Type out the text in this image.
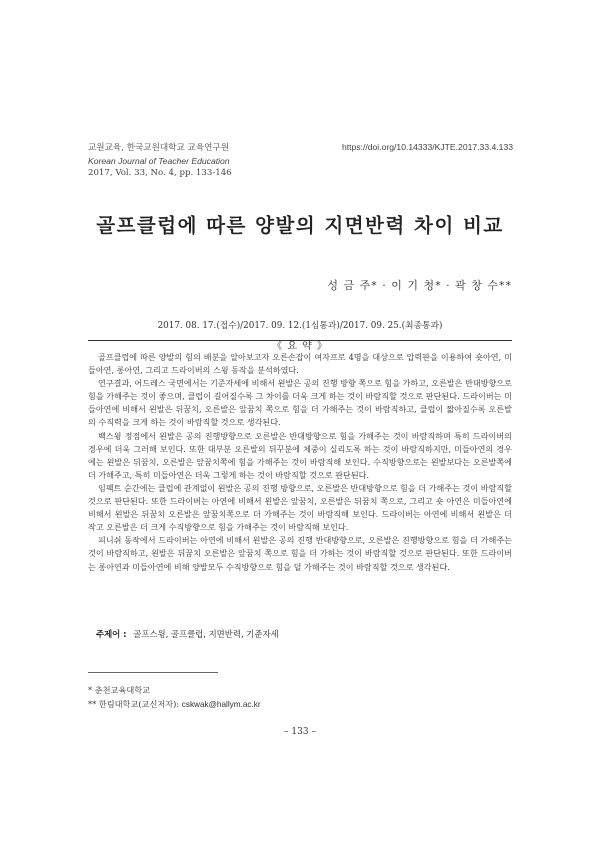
교원교육, 한국교원대학교 교육연구원
Korean Journal of Teacher Education
2017, Vol. 33, No. 4, pp. 133-146
https://doi.org/10.14333/KJTE.2017.33.4.133
골프클럽에 따른 양발의 지면반력 차이 비교
성 금 주* · 이 기 청* · 곽 창 수**
2017. 08. 17.(접수)/2017. 09. 12.(1심통과)/2017. 09. 25.(최종통과)
《 요 약 》

골프클럽에 따른 양발의 힘의 배분을 알아보고자 오른손잡이 여자프로 4명을 대상으로 압력판을 이용하여 숏아연, 미들아연, 롱아연, 그리고 드라이버의 스윙 동작을 분석하였다.

연구결과, 어드레스 국면에서는 기준자세에 비해서 왼발은 공의 진행 방향 쪽으로 힘을 가하고, 오른발은 반대방향으로 힘을 가해주는 것이 좋으며, 클럽이 길어질수록 그 차이를 더욱 크게 하는 것이 바람직할 것으로 판단된다. 드라이버는 미들아연에 비해서 왼발은 뒤꿈치, 오른발은 앞꿈치 쪽으로 힘을 더 가해주는 것이 바람직하고, 클럽이 짧아질수록 오른발의 수직력을 크게 하는 것이 바람직할 것으로 생각된다.

백스윙 정점에서 왼발은 공의 진행방향으로 오른발은 반대방향으로 힘을 가해주는 것이 바람직하며 특히 드라이버의 경우에 더욱 그러해 보인다. 또한 대부분 오른발의 뒤꾸분에 체중이 실리도록 하는 것이 바람직하지만, 미들아연의 경우에는 왼발은 뒤꿈치, 오른발은 앞꿈치쪽에 힘을 가해주는 것이 바람직해 보인다. 수직방향으로는 왼발보다는 오른발쪽에 더 가해주고, 특히 미들아연은 더욱 그렇게 하는 것이 바람직할 것으로 판단된다.

임팩트 순간에는 클럽에 관계없이 왼발은 공의 진행 방향으로, 오른발은 반대방향으로 힘을 더 가해주는 것이 바람직할 것으로 판단된다. 또한 드라이버는 아연에 비해서 왼발은 앞꿈치, 오른발은 뒤꿈치 쪽으로, 그리고 숏 아연은 미들아연에 비해서 왼발은 뒤꿈치 오른발은 앞꿈치쪽으로 더 가해주는 것이 바람직해 보인다. 드라이버는 아연에 비해서 왼발은 더 작고 오른발은 더 크게 수직방향으로 힘을 가해주는 것이 바람직해 보인다.

피니쉬 동작에서 드라이버는 아연에 비해서 왼발은 공의 진행 반대방향으로, 오른발은 진행방향으로 힘을 더 가해주는 것이 바람직하고, 왼발은 뒤꿈치 오른발은 앞꿈치 쪽으로 힘을 더 가하는 것이 바람직할 것으로 판단된다. 또한 드라이버는 롱아연과 미들아연에 비해 양발모두 수직방향으로 힘을 덜 가해주는 것이 바람직할 것으로 생각된다.

주제어 : 골프스윙, 골프클럽, 지면반력, 기준자세
* 춘천교육대학교
** 한림대학교(교신저자): cskwak@hallym.ac.kr
– 133 –
